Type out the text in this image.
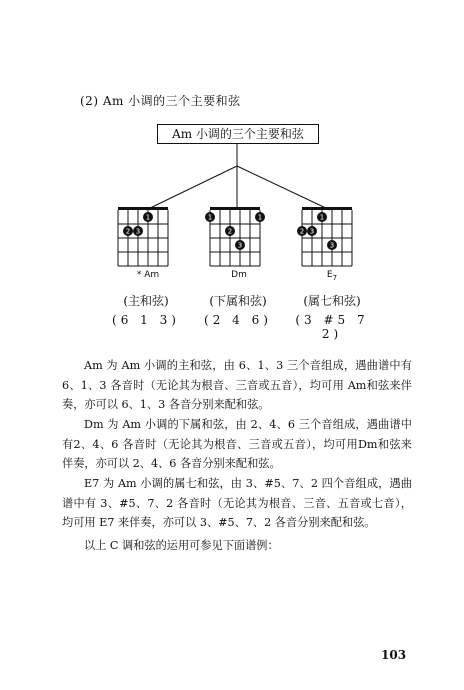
(2) Am 小调的三个主要和弦
1
2 3
1	1
2
3
1
2 3
3
Am 小调的三个主要和弦
* Am	Dm	$E_7$
(主和弦)	(下属和弦)	(属七和弦)
(6 1 3)	(2 4 6)	(3 #5 7 2)
Am 为 Am 小调的主和弦，由 6、1、3 三个音组成，遇曲谱中有 6、1、3 各音时（无论其为根音、三音或五音），均可用 Am和弦来伴奏，亦可以 6、1、3 各音分别来配和弦。
Dm 为 Am 小调的下属和弦，由 2、4、6 三个音组成，遇曲谱中有2、4、6 各音时（无论其为根音、三音或五音），均可用Dm和弦来伴奏，亦可以 2、4、6 各音分别来配和弦。
E7 为 Am 小调的属七和弦，由 3、#5、7、2 四个音组成，遇曲谱中有 3、#5、7、2 各音时（无论其为根音、三音、五音或七音），均可用 E7 来伴奏，亦可以 3、#5、7、2 各音分别来配和弦。
以上 C 调和弦的运用可参见下面谱例：
103
